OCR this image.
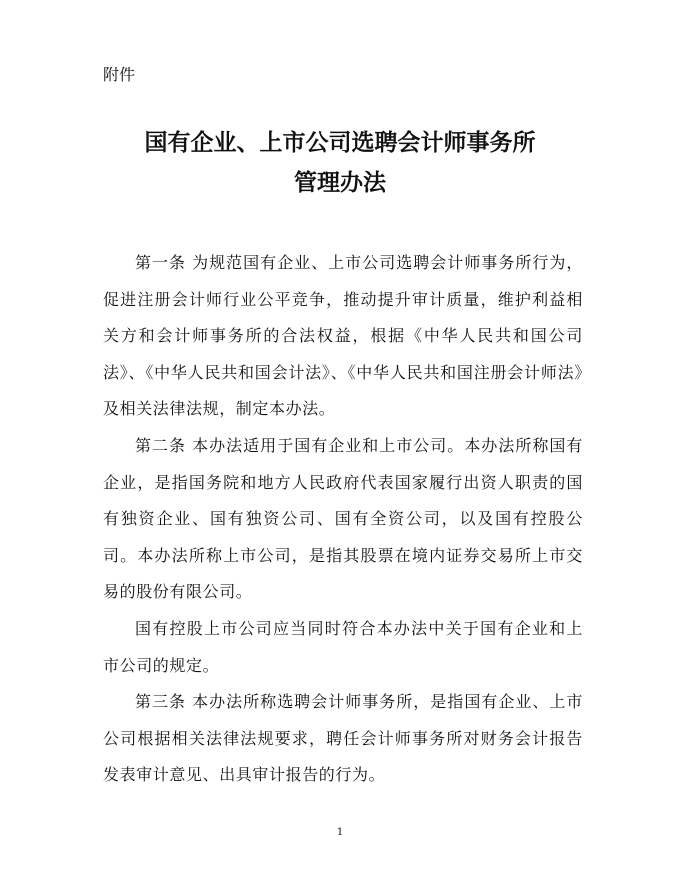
附件

国有企业、上市公司选聘会计师事务所
管理办法

第一条 为规范国有企业、上市公司选聘会计师事务所行为，促进注册会计师行业公平竞争，推动提升审计质量，维护利益相关方和会计师事务所的合法权益，根据《中华人民共和国公司法》、《中华人民共和国会计法》、《中华人民共和国注册会计师法》及相关法律法规，制定本办法。

第二条 本办法适用于国有企业和上市公司。本办法所称国有企业，是指国务院和地方人民政府代表国家履行出资人职责的国有独资企业、国有独资公司、国有全资公司，以及国有控股公司。本办法所称上市公司，是指其股票在境内证券交易所上市交易的股份有限公司。

国有控股上市公司应当同时符合本办法中关于国有企业和上市公司的规定。

第三条 本办法所称选聘会计师事务所，是指国有企业、上市公司根据相关法律法规要求，聘任会计师事务所对财务会计报告发表审计意见、出具审计报告的行为。

1
